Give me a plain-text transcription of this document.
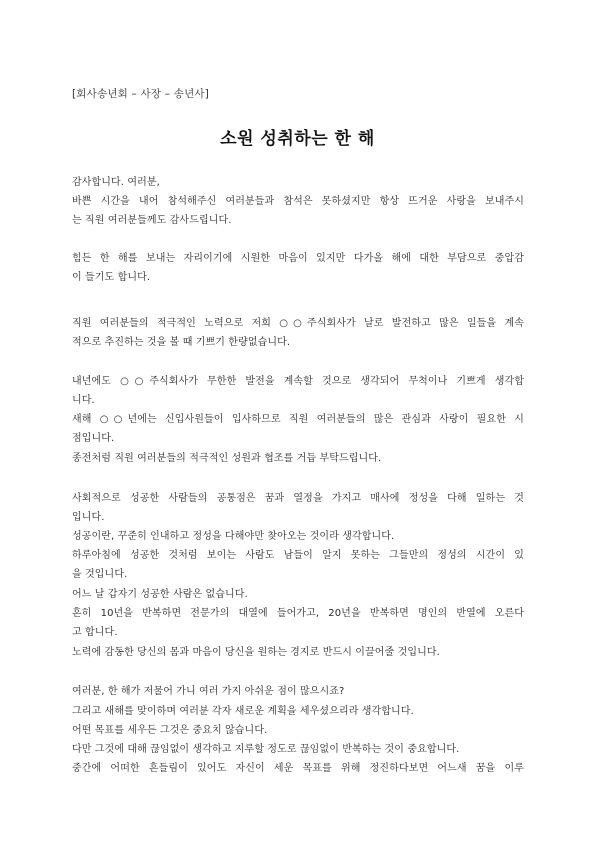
[회사송년회 – 사장 – 송년사]
소원 성취하는 한 해
감사합니다. 여러분,
바쁜 시간을 내어 참석해주신 여러분들과 참석은 못하셨지만 항상 뜨거운 사랑을 보내주시
는 직원 여러분들께도 감사드립니다.
힘든 한 해를 보내는 자리이기에 시원한 마음이 있지만 다가올 해에 대한 부담으로 중압감
이 들기도 합니다.
직원 여러분들의 적극적인 노력으로 저희 ○○주식회사가 날로 발전하고 많은 일들을 계속
적으로 추진하는 것을 볼 때 기쁘기 한량없습니다.
내년에도 ○○주식회사가 무한한 발전을 계속할 것으로 생각되어 무척이나 기쁘게 생각합
니다.
새해 ○○년에는 신입사원들이 입사하므로 직원 여러분들의 많은 관심과 사랑이 필요한 시
점입니다.
종전처럼 직원 여러분들의 적극적인 성원과 협조를 거듭 부탁드립니다.
사회적으로 성공한 사람들의 공통점은 꿈과 열정을 가지고 매사에 정성을 다해 일하는 것
입니다.
성공이란, 꾸준히 인내하고 정성을 다해야만 찾아오는 것이라 생각합니다.
하루아침에 성공한 것처럼 보이는 사람도 남들이 알지 못하는 그들만의 정성의 시간이 있
을 것입니다.
어느 날 갑자기 성공한 사람은 없습니다.
흔히 10년을 반복하면 전문가의 대열에 들어가고, 20년을 반복하면 명인의 반열에 오른다
고 합니다.
노력에 감동한 당신의 몸과 마음이 당신을 원하는 경지로 반드시 이끌어줄 것입니다.
여러분, 한 해가 저물어 가니 여러 가지 아쉬운 점이 많으시죠?
그리고 새해를 맞이하며 여러분 각자 새로운 계획을 세우셨으리라 생각합니다.
어떤 목표를 세우든 그것은 중요치 않습니다.
다만 그것에 대해 끊임없이 생각하고 지루할 정도로 끊임없이 반복하는 것이 중요합니다.
중간에 어떠한 흔들림이 있어도 자신이 세운 목표를 위해 정진하다보면 어느새 꿈을 이루
